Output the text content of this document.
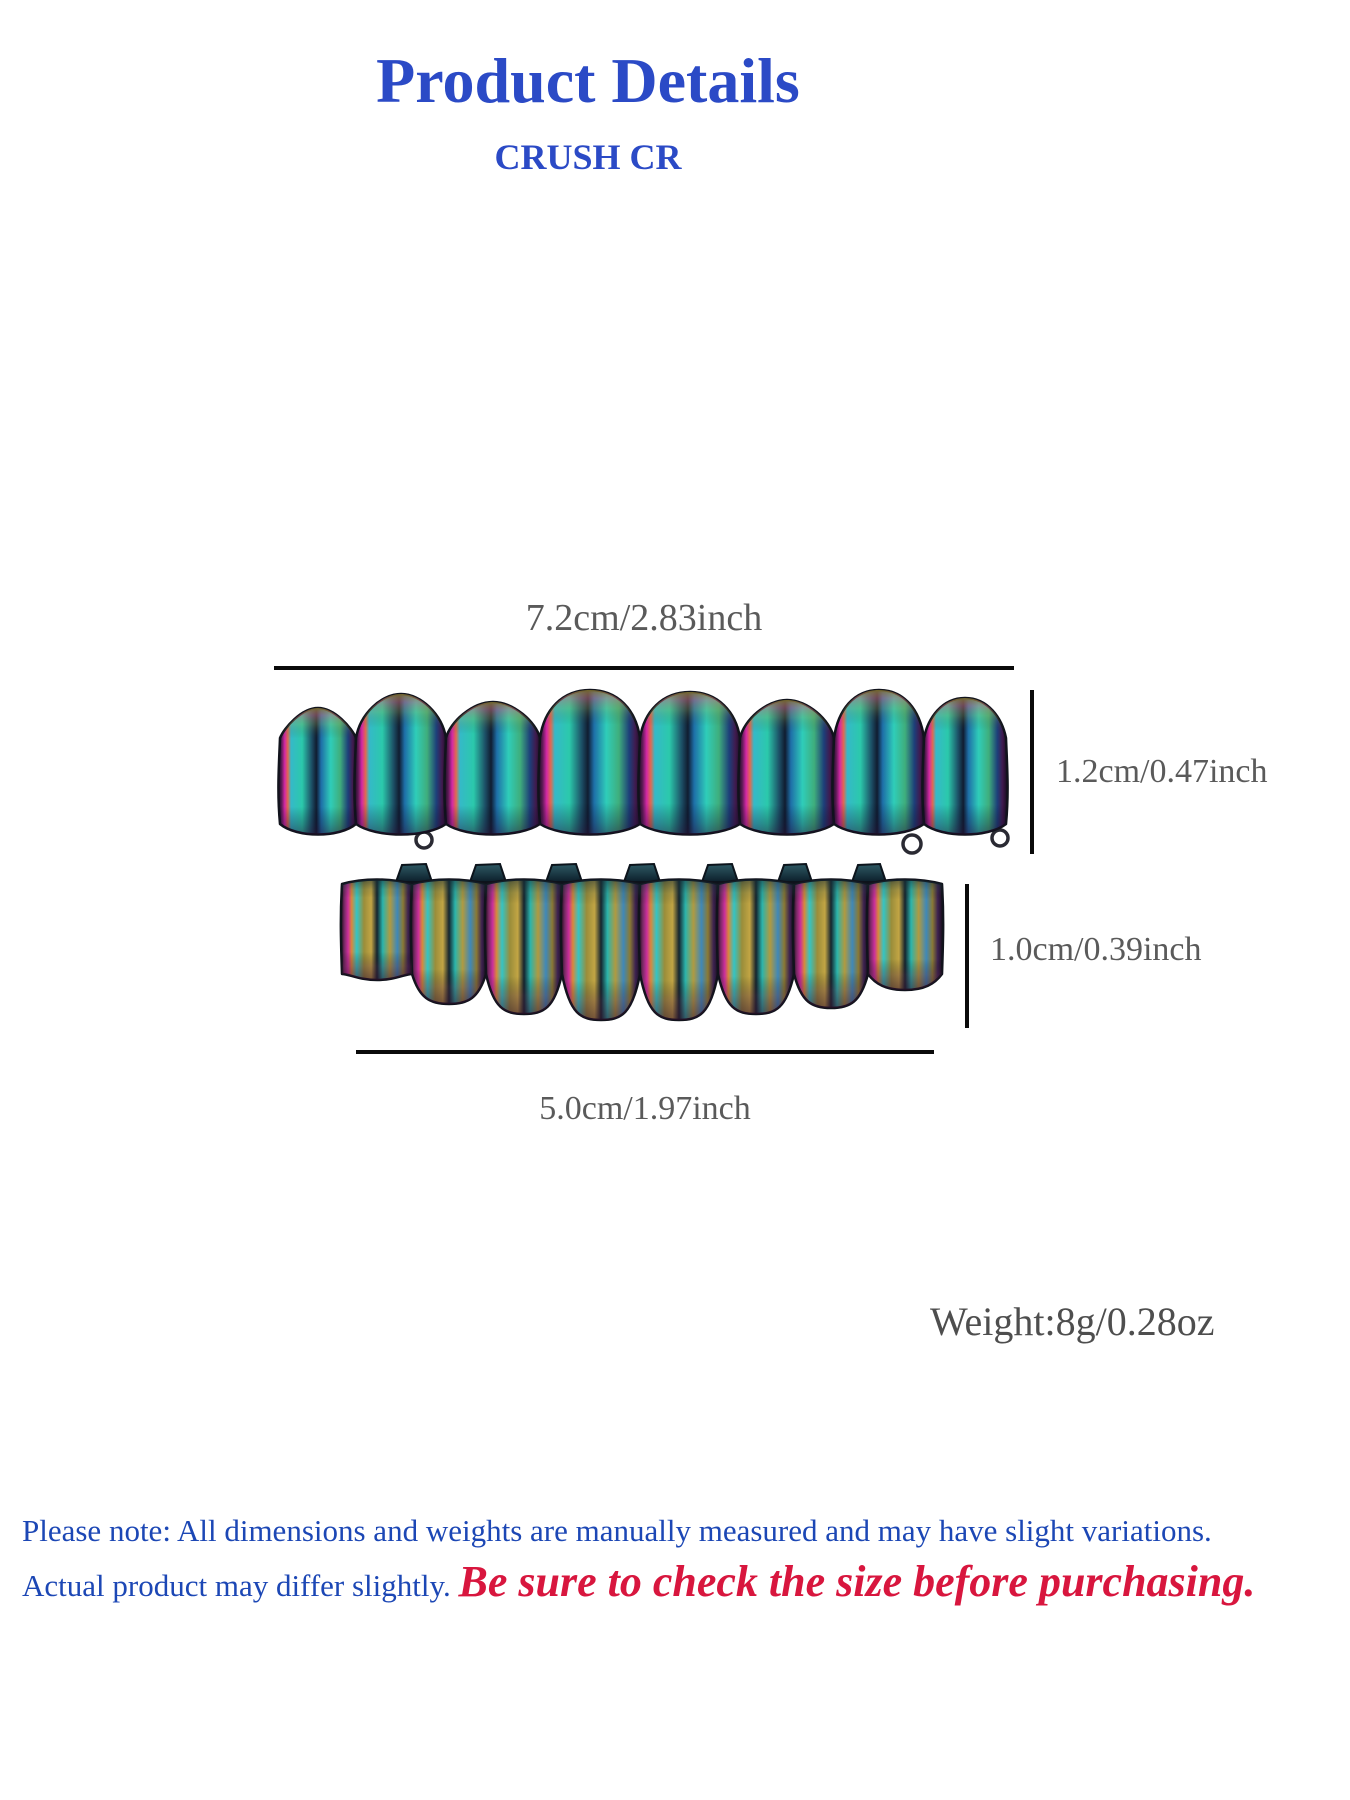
Product Details
CRUSH CR
7.2cm/2.83inch
1.2cm/0.47inch
1.0cm/0.39inch
5.0cm/1.97inch
Weight:8g/0.28oz
Please note: All dimensions and weights are manually measured and may have slight variations.
Actual product may differ slightly. Be sure to check the size before purchasing.
